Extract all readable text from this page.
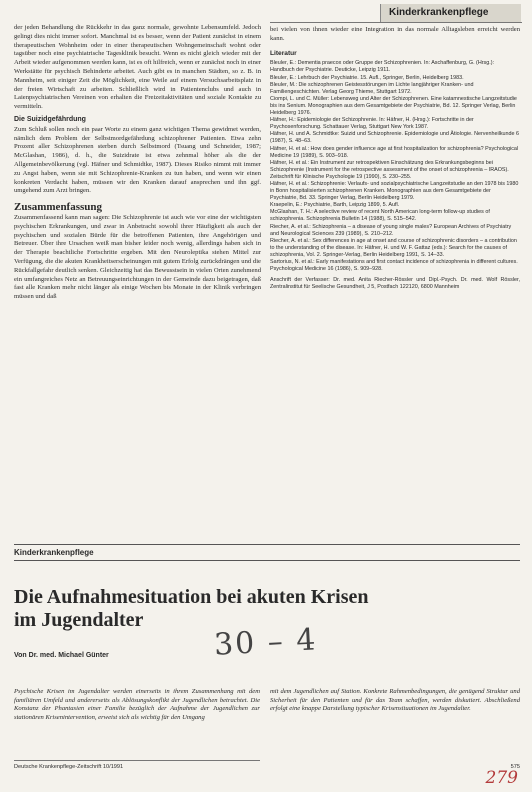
Kinderkrankenpflege

der jeden Behandlung die Rückkehr in das ganz normale, gewohnte Lebensumfeld. Jedoch gelingt dies nicht immer sofort. Manchmal ist es besser, wenn der Patient zunächst in einem therapeutischen Wohnheim oder in einer therapeutischen Wohngemeinschaft wohnt oder tagsüber noch eine psychiatrische Tagesklinik besucht. Wenn es nicht gleich wieder mit der Arbeit wieder aufgenommen werden kann, ist es oft hilfreich, wenn er zunächst noch in einer Werkstätte für psychisch Behinderte arbeitet. Auch gibt es in manchen Städten, so z. B. in Mannheim, seit einiger Zeit die Möglichkeit, eine Weile auf einem Versuchsarbeitsplatz in der freien Wirtschaft zu arbeiten. Schließlich wird in Patientenclubs und auch in Laienpsychiatrischen Vereinen von erhalten die Freizeitaktivitäten und soziale Kontakte zu vermitteln.

Die Suizidgefährdung

Zum Schluß sollen noch ein paar Worte zu einem ganz wichtigen Thema gewidmet werden, nämlich dem Problem der Selbstmordgefährdung schizophrener Patienten. Etwa zehn Prozent aller Schizophrenen sterben durch Selbstmord (Tsuang und Schneider, 1987; McGlashan, 1986), d. h., die Suizidrate ist etwa zehnmal höher als die der Allgemeinbevölkerung (vgl. Häfner und Schmidtke, 1987). Dieses Risiko nimmt mit immer zu Angst haben, wenn sie mit Schizophrenie-Kranken zu tun haben, und wenn wir einen konkreten Verdacht haben, müssen wir den Kranken darauf ansprechen und ihn ggf. umgehend zum Arzt bringen.

Zusammenfassung

Zusammenfassend kann man sagen: Die Schizophrenie ist auch wie vor eine der wichtigsten psychischen Erkrankungen, und zwar in Anbetracht sowohl ihrer Häufigkeit als auch der psychischen und sozialen Bürde für die betroffenen Patienten, ihre Angehörigen und Betreuer. Über ihre Ursachen weiß man bisher leider noch wenig, allerdings haben sich in der Therapie beachtliche Fortschritte ergeben. Mit den Neuroleptika stehen Mittel zur Verfügung, die die akuten Krankheitserscheinungen mit gutem Erfolg zurückdrängen und die Rückfallgefahr deutlich senken. Gleichzeitig hat das Bewusstsein in vielen Orten zunehmend ein umfangreiches Netz an Betreuungseinrichtungen in der Gemeinde dazu beigetragen, daß fast alle Kranken mehr nicht länger als einige Wochen bis Monate in der Klinik verbringen müssen und daß

bei vielen von ihnen wieder eine Integration in das normale Alltagsleben erreicht werden kann.

Literatur

Bleuler, E.: Dementia praecox oder Gruppe der Schizophrenien. In: Aschaffenburg, G. (Hrsg.): Handbuch der Psychiatrie. Deuticke, Leipzig 1911.

Bleuler, E.: Lehrbuch der Psychiatrie. 15. Aufl., Springer, Berlin, Heidelberg 1983.

Bleuler, M.: Die schizophrenen Geistesstörungen im Lichte langjähriger Kranken- und Familiengeschichten. Verlag Georg Thieme, Stuttgart 1972.

Ciompi, L. und C. Müller: Lebensweg und Alter der Schizophrenen. Eine katamnestische Langzeitstudie bis ins Senium. Monographien aus dem Gesamtgebiete der Psychiatrie, Bd. 12. Springer Verlag, Berlin Heidelberg 1976.

Häfner, H.: Epidemiologie der Schizophrenie. In: Häfner, H. (Hrsg.): Fortschritte in der Psychosenforschung. Schattauer Verlag, Stuttgart New York 1987.

Häfner, H. und A. Schmidtke: Suizid und Schizophrenie. Epidemiologie und Ätiologie. Nervenheilkunde 6 (1987), S. 48–63.

Häfner, H. et al.: How does gender influence age at first hospitalization for schizophrenia? Psychological Medicine 19 (1989), S. 903–918.

Häfner, H. et al.: Ein Instrument zur retrospektiven Einschätzung des Erkrankungsbeginns bei Schizophrenie (Instrument for the retrospective assessment of the onset of schizophrenia – IRAOS). Zeitschrift für Klinische Psychologie 19 (1990), S. 230–255.

Häfner, H. et al.: Schizophrenie: Verlaufs- und sozialpsychiatrische Langzeitstudie an den 1978 bis 1980 in Bonn hospitalisierten schizophrenen Kranken. Monographien aus dem Gesamtgebiete der Psychiatrie, Bd. 33. Springer Verlag, Berlin Heidelberg 1979.

Kraepelin, E.: Psychiatrie, Barth, Leipzig 1899, 5. Aufl.

McGlashan, T. H.: A selective review of recent North American long-term follow-up studies of schizophrenia. Schizophrenia Bulletin 14 (1988), S. 515–542.

Riecher, A. et al.: Schizophrenia – a disease of young single males? European Archives of Psychiatry and Neurological Sciences 239 (1989), S. 210–212.

Riecher, A. et al.: Sex differences in age at onset and course of schizophrenic disorders – a contribution to the understanding of the disease. In: Häfner, H. und W. F. Gattaz (eds.): Search for the causes of schizophrenia, Vol. 2. Springer-Verlag, Berlin Heidelberg 1991, S. 14–33.

Sartorius, N. et al.: Early manifestations and first contact incidence of schizophrenia in different cultures. Psychological Medicine 16 (1986), S. 909–928.

Anschrift der Verfasser: Dr. med. Anita Riecher-Rössler und Dipl.-Psych. Dr. med. Wolf Rössler, Zentralinstitut für Seelische Gesundheit, J 5, Postfach 122120, 6800 Mannheim
Kinderkrankenpflege
Die Aufnahmesituation bei akuten Krisen
im Jugendalter
30 – 4
Von Dr. med. Michael Günter
Psychische Krisen im Jugendalter werden einerseits in ihrem Zusammenhang mit dem familiären Umfeld und andererseits als Ablösungskonflikt der Jugendlichen betrachtet. Die Konstanz der Phantasien einer Familie bezüglich der Aufnahme der Jugendlichen zur stationären Krisenintervention, erweist sich als wichtig für den Umgang
mit dem Jugendlichen auf Station. Konkrete Rahmenbedingungen, die genügend Struktur und Sicherheit für den Patienten und für das Team schaffen, werden diskutiert. Abschließend erfolgt eine knappe Darstellung typischer Krisensituationen im Jugendalter.
Deutsche Krankenpflege-Zeitschrift 10/1991	575
279
